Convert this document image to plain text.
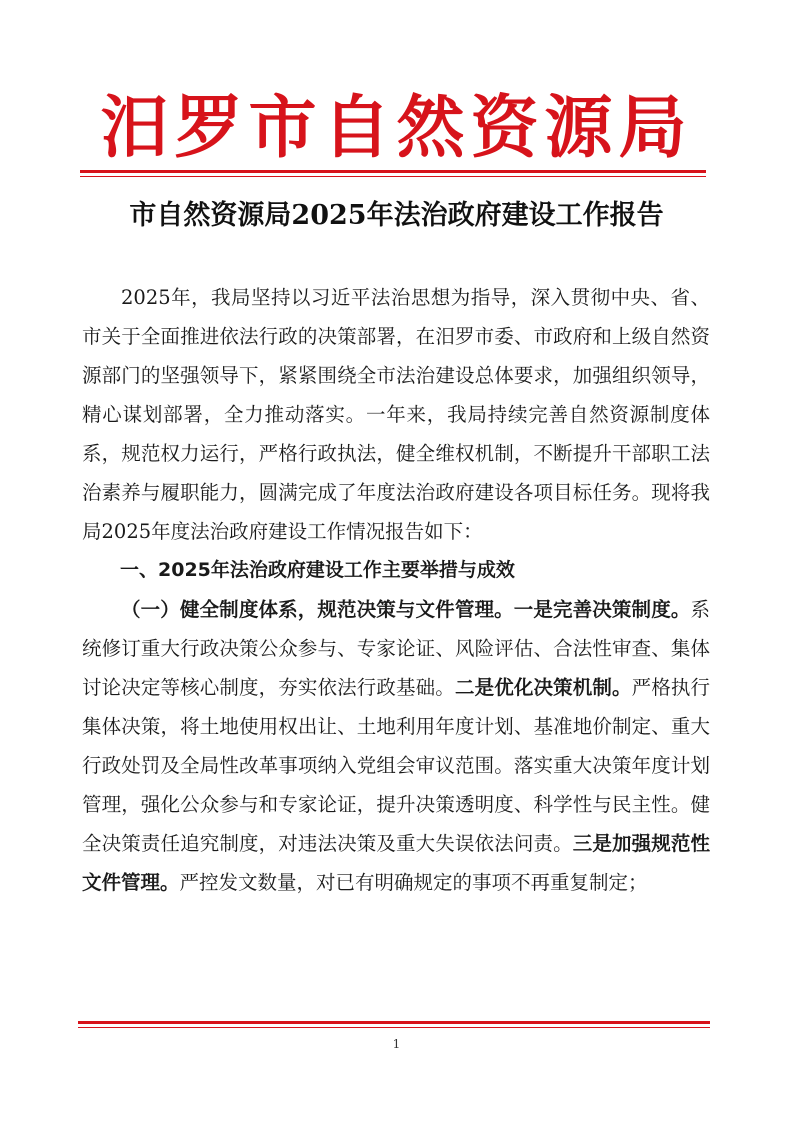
汨罗市自然资源局
市自然资源局2025年法治政府建设工作报告

2025年，我局坚持以习近平法治思想为指导，深入贯彻中央、省、市关于全面推进依法行政的决策部署，在汨罗市委、市政府和上级自然资源部门的坚强领导下，紧紧围绕全市法治建设总体要求，加强组织领导，精心谋划部署，全力推动落实。一年来，我局持续完善自然资源制度体系，规范权力运行，严格行政执法，健全维权机制，不断提升干部职工法治素养与履职能力，圆满完成了年度法治政府建设各项目标任务。现将我局2025年度法治政府建设工作情况报告如下：

一、2025年法治政府建设工作主要举措与成效

（一）健全制度体系，规范决策与文件管理。一是完善决策制度。系统修订重大行政决策公众参与、专家论证、风险评估、合法性审查、集体讨论决定等核心制度，夯实依法行政基础。二是优化决策机制。严格执行集体决策，将土地使用权出让、土地利用年度计划、基准地价制定、重大行政处罚及全局性改革事项纳入党组会审议范围。落实重大决策年度计划管理，强化公众参与和专家论证，提升决策透明度、科学性与民主性。健全决策责任追究制度，对违法决策及重大失误依法问责。三是加强规范性文件管理。严控发文数量，对已有明确规定的事项不再重复制定；

1
